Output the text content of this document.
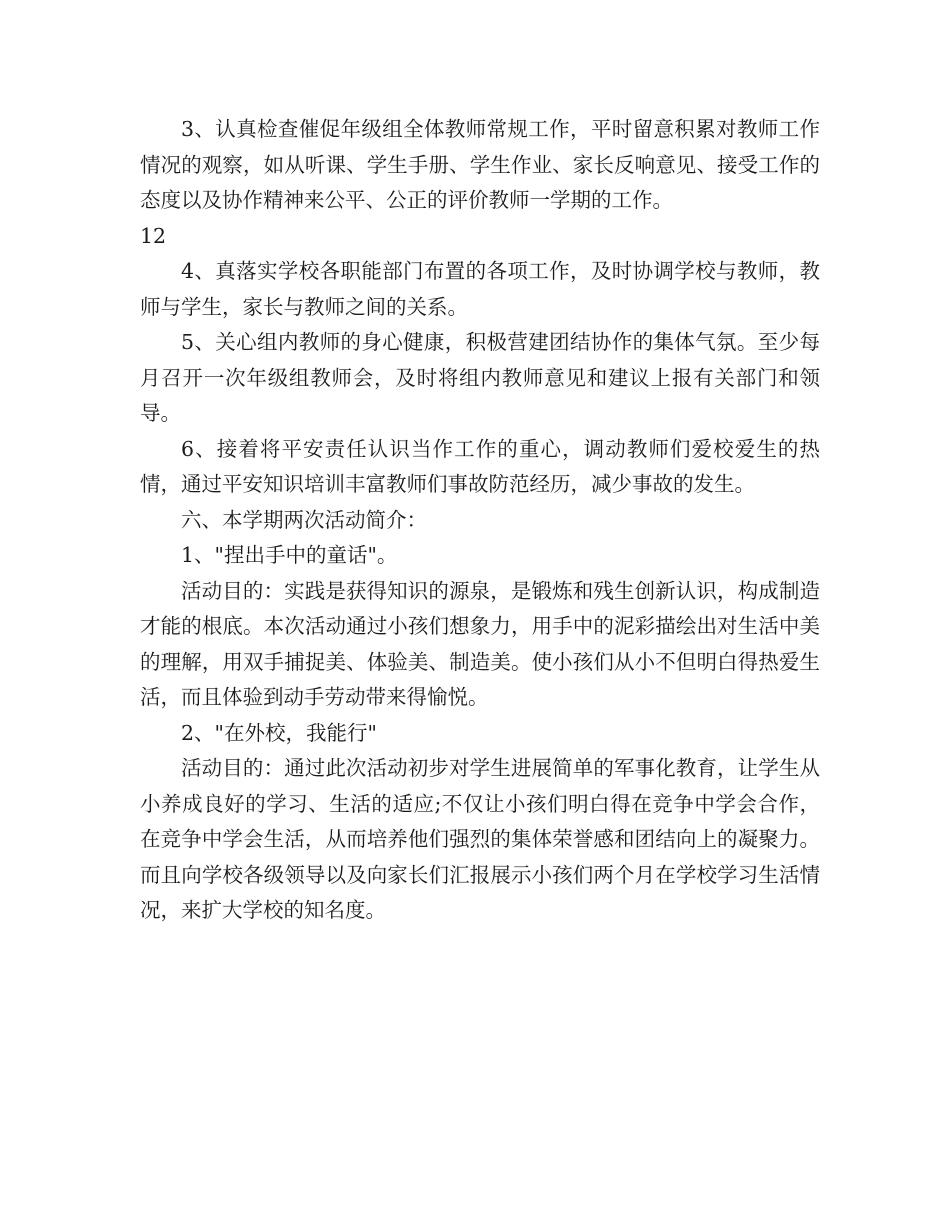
3、认真检查催促年级组全体教师常规工作，平时留意积累对教师工作情况的观察，如从听课、学生手册、学生作业、家长反响意见、接受工作的态度以及协作精神来公平、公正的评价教师一学期的工作。

12

4、真落实学校各职能部门布置的各项工作，及时协调学校与教师，教师与学生，家长与教师之间的关系。

5、关心组内教师的身心健康，积极营建团结协作的集体气氛。至少每月召开一次年级组教师会，及时将组内教师意见和建议上报有关部门和领导。

6、接着将平安责任认识当作工作的重心，调动教师们爱校爱生的热情，通过平安知识培训丰富教师们事故防范经历，减少事故的发生。

六、本学期两次活动简介：

1、"捏出手中的童话"。

活动目的：实践是获得知识的源泉，是锻炼和残生创新认识，构成制造才能的根底。本次活动通过小孩们想象力，用手中的泥彩描绘出对生活中美的理解，用双手捕捉美、体验美、制造美。使小孩们从小不但明白得热爱生活，而且体验到动手劳动带来得愉悦。

2、"在外校，我能行"

活动目的：通过此次活动初步对学生进展简单的军事化教育，让学生从小养成良好的学习、生活的适应;不仅让小孩们明白得在竞争中学会合作，在竞争中学会生活，从而培养他们强烈的集体荣誉感和团结向上的凝聚力。而且向学校各级领导以及向家长们汇报展示小孩们两个月在学校学习生活情况，来扩大学校的知名度。
